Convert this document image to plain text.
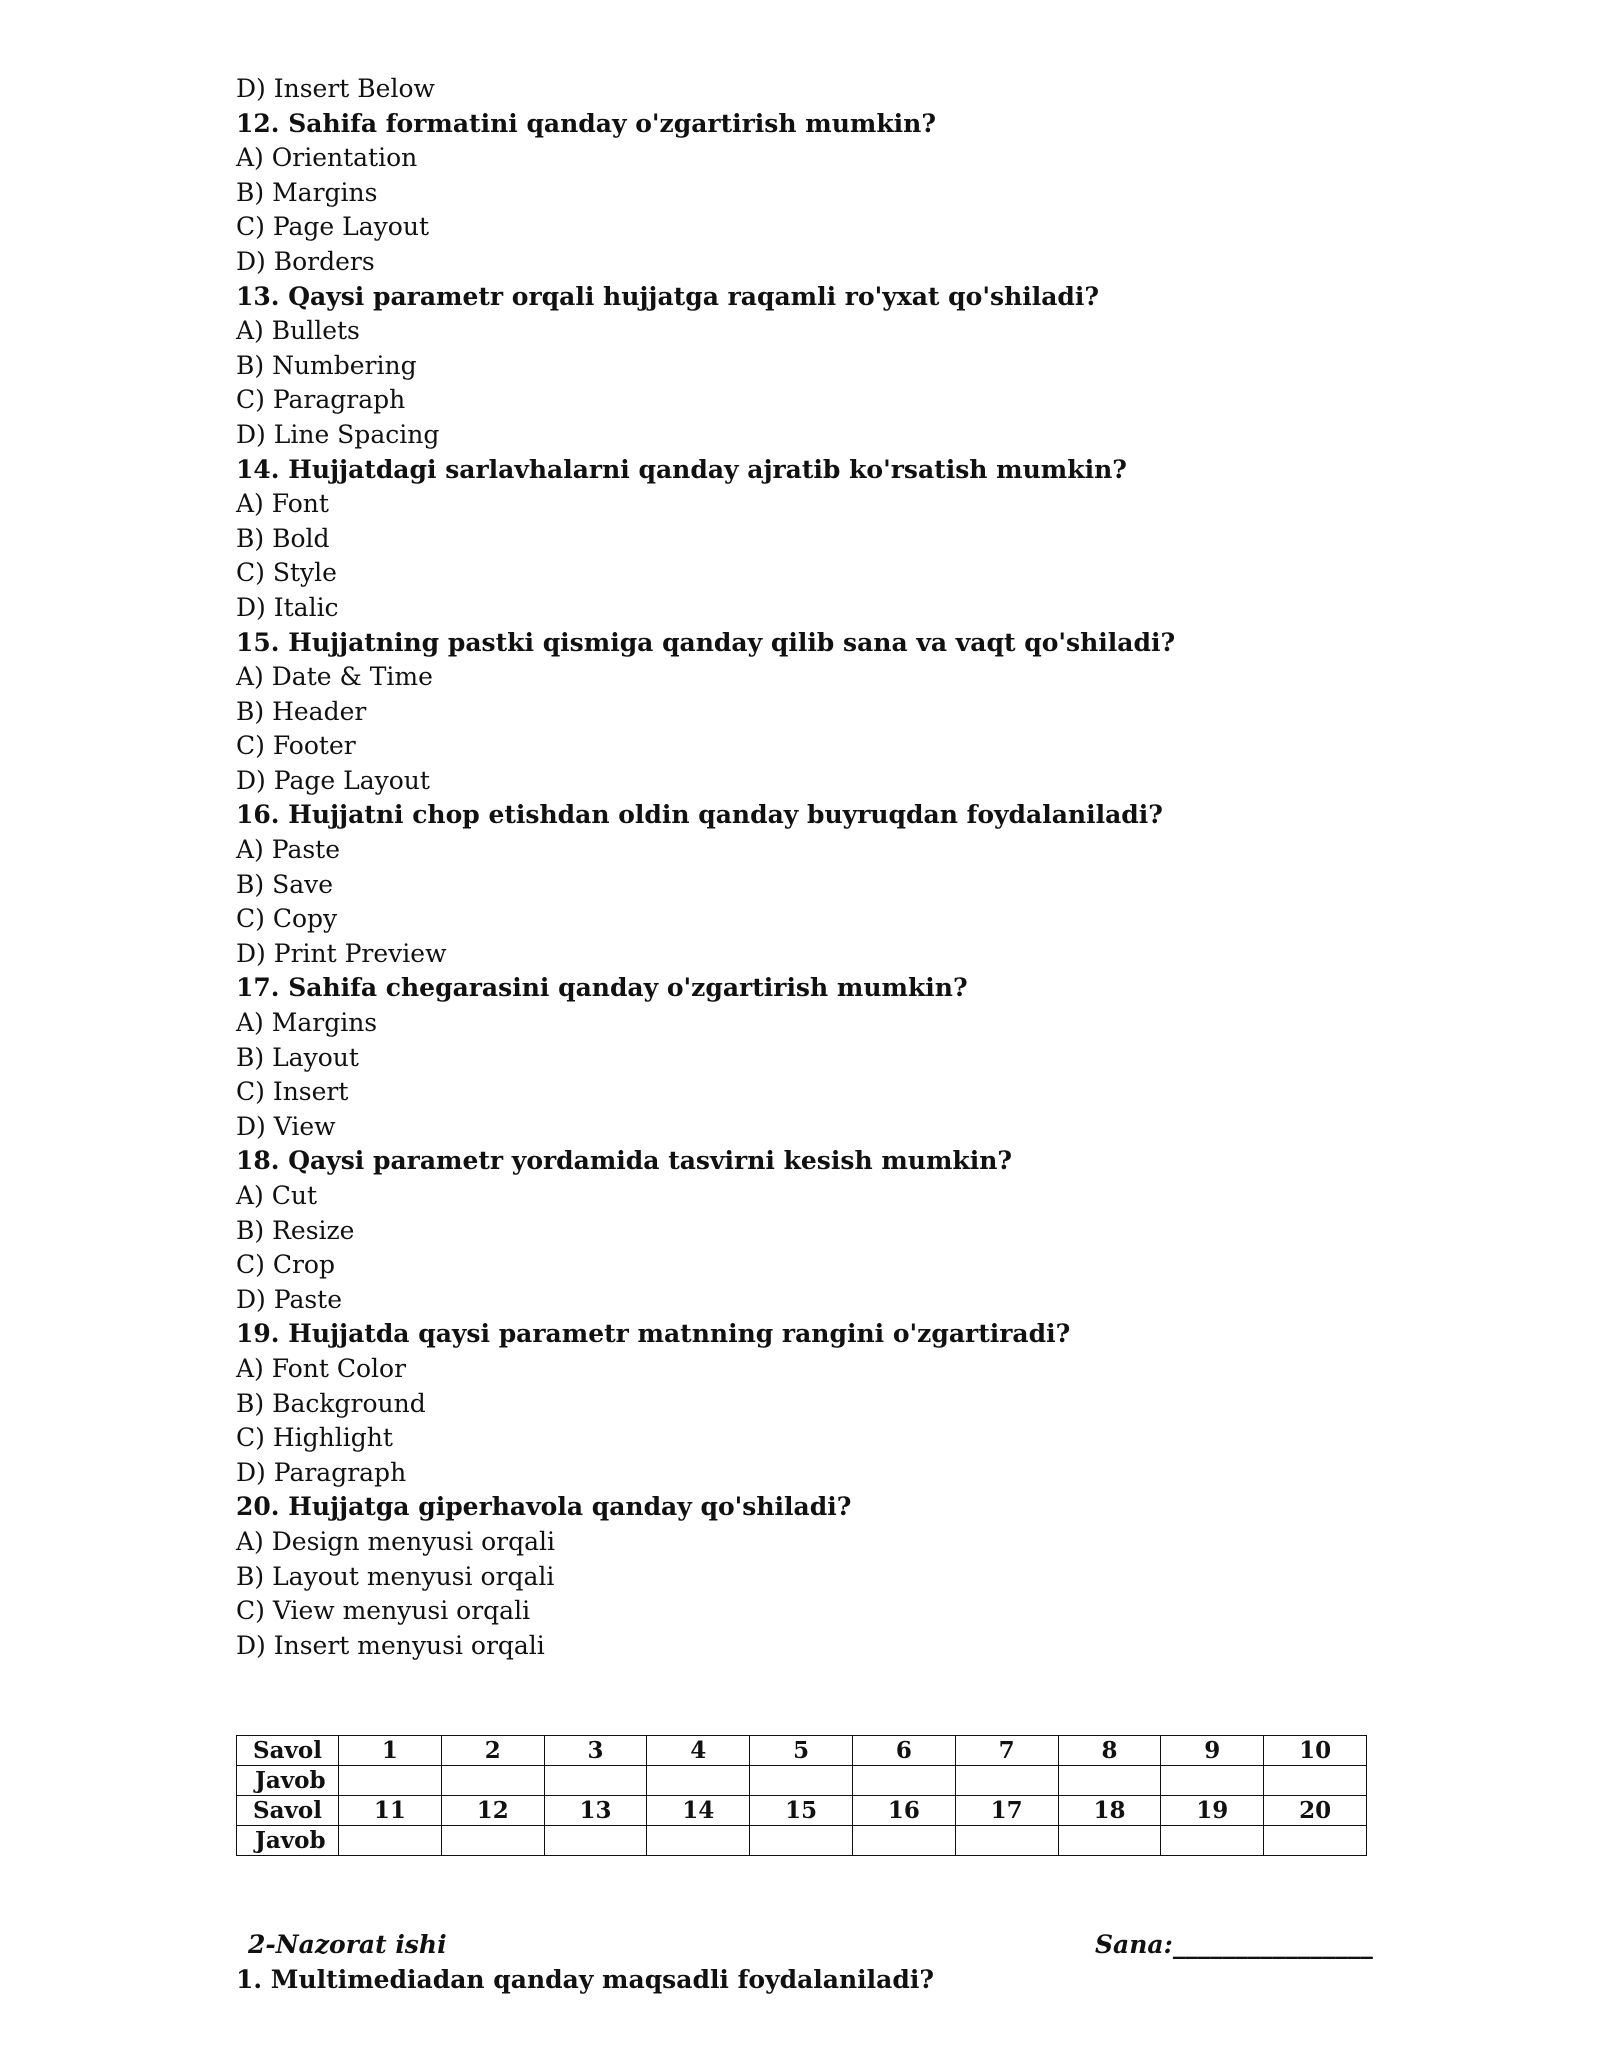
D) Insert Below
12. Sahifa formatini qanday o'zgartirish mumkin?
A) Orientation
B) Margins
C) Page Layout
D) Borders
13. Qaysi parametr orqali hujjatga raqamli ro'yxat qo'shiladi?
A) Bullets
B) Numbering
C) Paragraph
D) Line Spacing
14. Hujjatdagi sarlavhalarni qanday ajratib ko'rsatish mumkin?
A) Font
B) Bold
C) Style
D) Italic
15. Hujjatning pastki qismiga qanday qilib sana va vaqt qo'shiladi?
A) Date & Time
B) Header
C) Footer
D) Page Layout
16. Hujjatni chop etishdan oldin qanday buyruqdan foydalaniladi?
A) Paste
B) Save
C) Copy
D) Print Preview
17. Sahifa chegarasini qanday o'zgartirish mumkin?
A) Margins
B) Layout
C) Insert
D) View
18. Qaysi parametr yordamida tasvirni kesish mumkin?
A) Cut
B) Resize
C) Crop
D) Paste
19. Hujjatda qaysi parametr matnning rangini o'zgartiradi?
A) Font Color
B) Background
C) Highlight
D) Paragraph
20. Hujjatga giperhavola qanday qo'shiladi?
A) Design menyusi orqali
B) Layout menyusi orqali
C) View menyusi orqali
D) Insert menyusi orqali
Savol	1	2	3	4	5	6	7	8	9	10
Javob										
Savol	11	12	13	14	15	16	17	18	19	20
Javob										
2-Nazorat ishi	Sana:________________
1. Multimediadan qanday maqsadli foydalaniladi?
